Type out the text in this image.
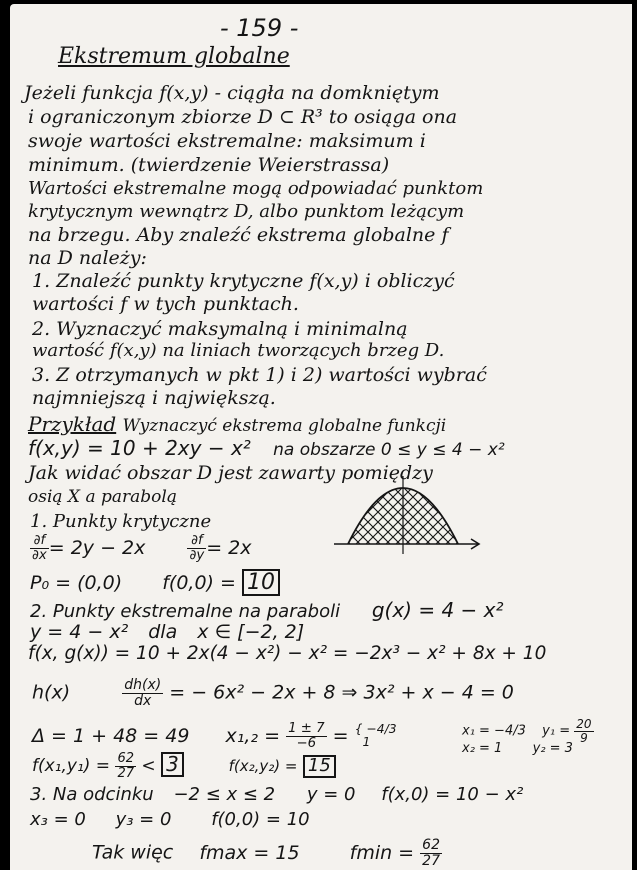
- 159 -
Ekstremum globalne
Jeżeli funkcja f(x,y) - ciągła na domkniętym
i ograniczonym zbiorze D ⊂ R³ to osiąga ona
swoje wartości ekstremalne: maksimum i
minimum. (twierdzenie Weierstrassa)
Wartości ekstremalne mogą odpowiadać punktom
krytycznym wewnątrz D, albo punktom leżącym
na brzegu. Aby znaleźć ekstrema globalne f
na D należy:
1. Znaleźć punkty krytyczne f(x,y) i obliczyć
wartości f w tych punktach.
2. Wyznaczyć maksymalną i minimalną
wartość f(x,y) na liniach tworzących brzeg D.
3. Z otrzymanych w pkt 1) i 2) wartości wybrać
najmniejszą i największą.
Przykład Wyznaczyć ekstrema globalne funkcji
f(x,y) = 10 + 2xy − x² na obszarze 0 ≤ y ≤ 4 − x²
Jak widać obszar D jest zawarty pomiędzy
osią X a parabolą
1. Punkty krytyczne
$\frac{\partial f}{\partial x} = 2y - 2x$	$\frac{\partial f}{\partial y} = 2x$
P₀ = (0,0) f(0,0) = 10
2. Punkty ekstremalne na paraboli g(x) = 4 − x²
y = 4 − x² dla x ∈ [−2, 2]
f(x, g(x)) = 10 + 2x(4 − x²) − x² = −2x³ − x² + 8x + 10
h(x)	$\frac{dh(x)}{dx}$ = − 6x² − 2x + 8 ⇒ 3x² + x − 4 = 0
Δ = 1 + 48 = 49 $x_1,_2 = \frac{1 \pm 7}{-6}$ = { −4/3
1
x₁ = −4/3 $y_1 = \frac{20}{9}$
x₂ = 1 y₂ = 3
$f(x_1,y_1) = \frac{62}{27} < 3$	f(x₂,y₂) = 15
3. Na odcinku −2 ≤ x ≤ 2 y = 0 f(x,0) = 10 − x²
x₃ = 0 y₃ = 0 f(0,0) = 10
Tak więc fmax = 15	$fmin = \frac{62}{27}$
